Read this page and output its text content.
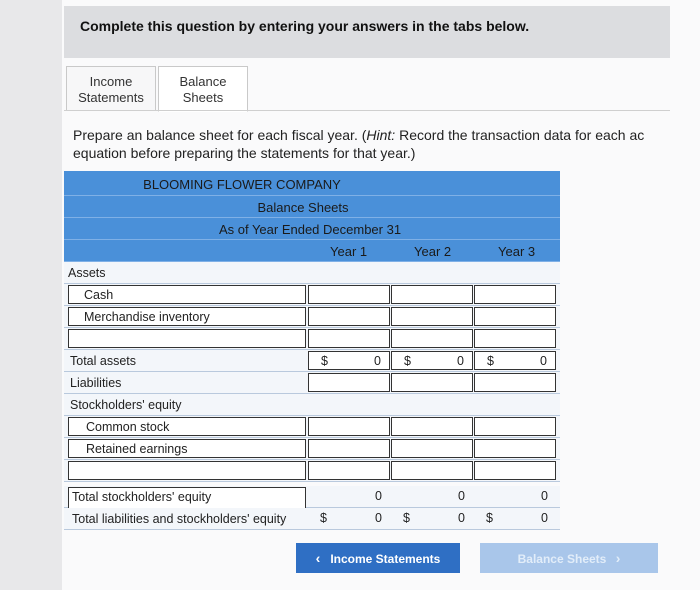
Complete this question by entering your answers in the tabs below.
Income
Statements
Balance
Sheets
Prepare an balance sheet for each fiscal year. (Hint: Record the transaction data for each ac
equation before preparing the statements for that year.)
BLOOMING FLOWER COMPANY
Balance Sheets
As of Year Ended December 31
Year 1	Year 2	Year 3
Assets
Cash
Merchandise inventory
Total assets	$	0 $	0 $	0
Liabilities
Stockholders' equity
Common stock
Retained earnings
Total stockholders' equity	0	0	0
Total liabilities and stockholders' equity	$	0 $	0 $	0
‹ Income Statements	Balance Sheets ›
